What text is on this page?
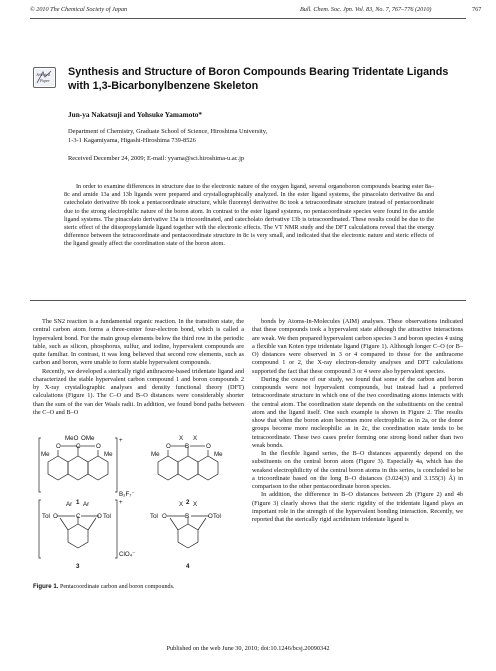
© 2010 The Chemical Society of Japan	Bull. Chem. Soc. Jpn. Vol. 83, No. 7, 767–776 (2010)	767
Selected
Paper
Synthesis and Structure of Boron Compounds Bearing Tridentate Ligands with 1,3-Bicarbonylbenzene Skeleton
Jun-ya Nakatsuji and Yohsuke Yamamoto*
Department of Chemistry, Graduate School of Science, Hiroshima University,
1-3-1 Kagamiyama, Higashi-Hiroshima 739-8526
Received December 24, 2009; E-mail: yyama@sci.hiroshima-u.ac.jp

In order to examine differences in structure due to the electronic nature of the oxygen ligand, several organoboron compounds bearing ester 8a–8c and amide 13a and 13b ligands were prepared and crystallographically analyzed. In the ester ligand systems, the pinacolato derivative 8a and catecholato derivative 8b took a pentacoordinate structure, while fluorenyl derivative 8c took a tetracoordinate structure instead of pentacoordinate due to the strong electrophilic nature of the boron atom. In contrast to the ester ligand systems, no pentacoordinate species were found in the amide ligand systems. The pinacolato derivative 13a is tricoordinated, and catecholato derivative 13b is tetracoordinated. These results could be due to the steric effect of the diisopropylamide ligand together with the electronic effects. The VT NMR study and the DFT calculations reveal that the energy difference between the tetracoordinate and pentacoordinate structure in 8c is very small, and indicated that the electronic nature and steric effects of the ligand greatly affect the coordination state of the boron atom.

The SN2 reaction is a fundamental organic reaction. In the transition state, the central carbon atom forms a three-center four-electron bond, which is called a hypervalent bond. For the main group elements below the third row in the periodic table, such as silicon, phosphorus, sulfur, and iodine, hypervalent compounds are quite familiar. In contrast, it was long believed that second row elements, such as carbon and boron, were unable to form stable hypervalent compounds.

Recently, we developed a sterically rigid anthracene-based tridentate ligand and characterized the stable hypervalent carbon compound 1 and boron compounds 2 by X-ray crystallographic analyses and density functional theory (DFT) calculations (Figure 1). The C–O and B–O distances were considerably shorter than the sum of the van der Waals radii. In addition, we found bond paths between the C–O and B–O

bonds by Atoms-In-Molecules (AIM) analyses. These observations indicated that these compounds took a hypervalent state although the attractive interactions are weak. We then prepared hypervalent carbon species 3 and boron species 4 using a flexible van Koten type tridentate ligand (Figure 1). Although longer C–O (or B–O) distances were observed in 3 or 4 compared to those for the anthracene compound 1 or 2, the X-ray electron-density analyses and DFT calculations supported the fact that these compound 3 or 4 were also hypervalent species.

During the course of our study, we found that some of the carbon and boron compounds were not hypervalent compounds, but instead had a preferred tetracoordinate structure in which one of the two coordinating atoms interacts with the central atom. The coordination state depends on the substituents on the central atom and the ligand itself. One such example is shown in Figure 2. The results show that when the boron atom becomes more electrophilic as in 2a, or the donor groups become more nucleophilic as in 2c, the coordination state tends to be tetracoordinate. These two cases prefer forming one strong bond rather than two weak bonds.

In the flexible ligand series, the B–O distances apparently depend on the substituents on the central boron atom (Figure 3). Especially 4a, which has the weakest electrophilicity of the central boron atoms in this series, is concluded to be a tricoordinate based on the long B–O distances (3.024(3) and 3.155(3) Å) in comparison to the other pentacoordinate boron species.

In addition, the difference in B–O distances between 2b (Figure 2) and 4b (Figure 3) clearly shows that the steric rigidity of the tridentate ligand plays an important role in the strength of the hypervalent bonding interaction. Recently, we reported that the sterically rigid acridinium tridentate ligand is

MeO OMe
Me	Me
O	O
C
+
B₂F₇⁻
1
X X
Me	Me
O	O
B
2
Ar Ar
Tol	Tol
O	O
C
+
ClO₄⁻
3
X X
Tol	Tol
O	O
B
4
Figure 1. Pentacoordinate carbon and boron compounds.
Published on the web June 30, 2010; doi:10.1246/bcsj.20090342
